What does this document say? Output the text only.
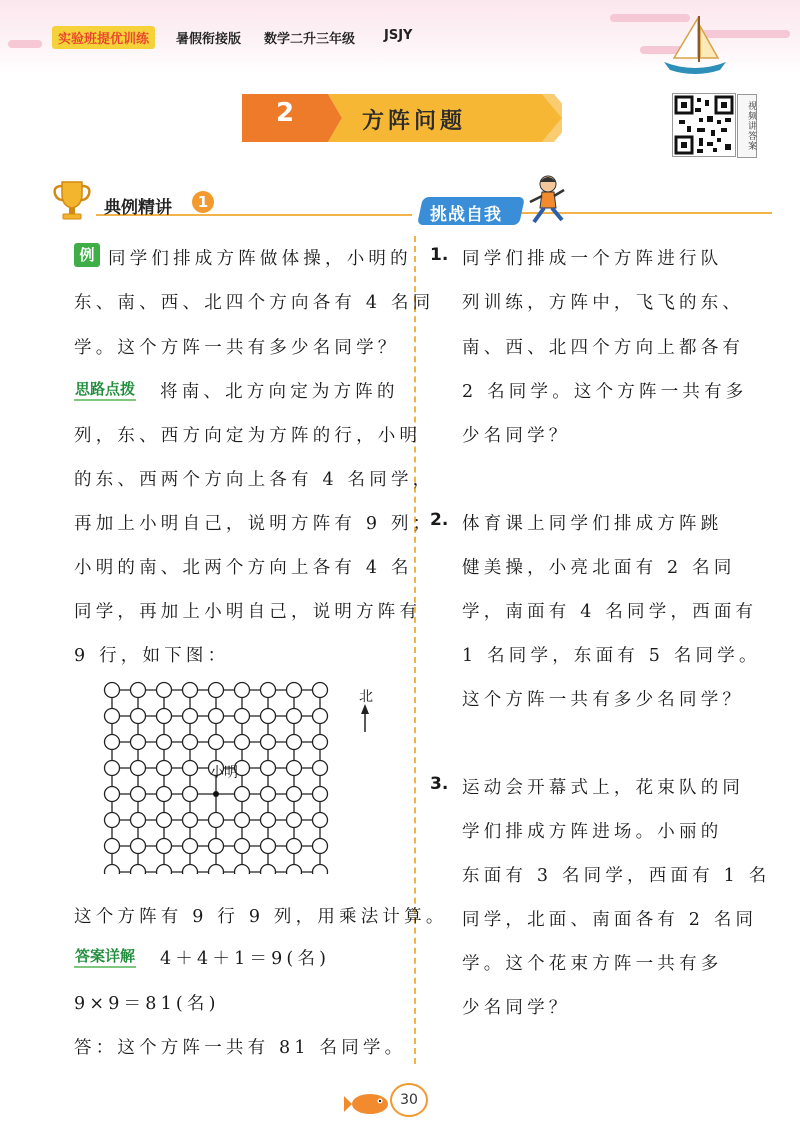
实验班提优训练	暑假衔接版 数学二升三年级 JSJY
2	方阵问题	视频讲答案
典例精讲	1
挑战自我
例 同学们排成方阵做体操，小明的
东、南、西、北四个方向各有 4 名同
学。这个方阵一共有多少名同学？
思路点拨 将南、北方向定为方阵的
列，东、西方向定为方阵的行，小明
的东、西两个方向上各有 4 名同学，
再加上小明自己，说明方阵有 9 列；
小明的南、北两个方向上各有 4 名
同学，再加上小明自己，说明方阵有
9 行，如下图：
小明
北
这个方阵有 9 行 9 列，用乘法计算。
答案详解 4＋4＋1＝9(名)
9×9＝81(名)
答：这个方阵一共有 81 名同学。
1. 同学们排成一个方阵进行队
列训练，方阵中，飞飞的东、
南、西、北四个方向上都各有
2 名同学。这个方阵一共有多
少名同学？
2. 体育课上同学们排成方阵跳
健美操，小亮北面有 2 名同
学，南面有 4 名同学，西面有
1 名同学，东面有 5 名同学。
这个方阵一共有多少名同学？
3. 运动会开幕式上，花束队的同
学们排成方阵进场。小丽的
东面有 3 名同学，西面有 1 名
同学，北面、南面各有 2 名同
学。这个花束方阵一共有多
少名同学？
30
